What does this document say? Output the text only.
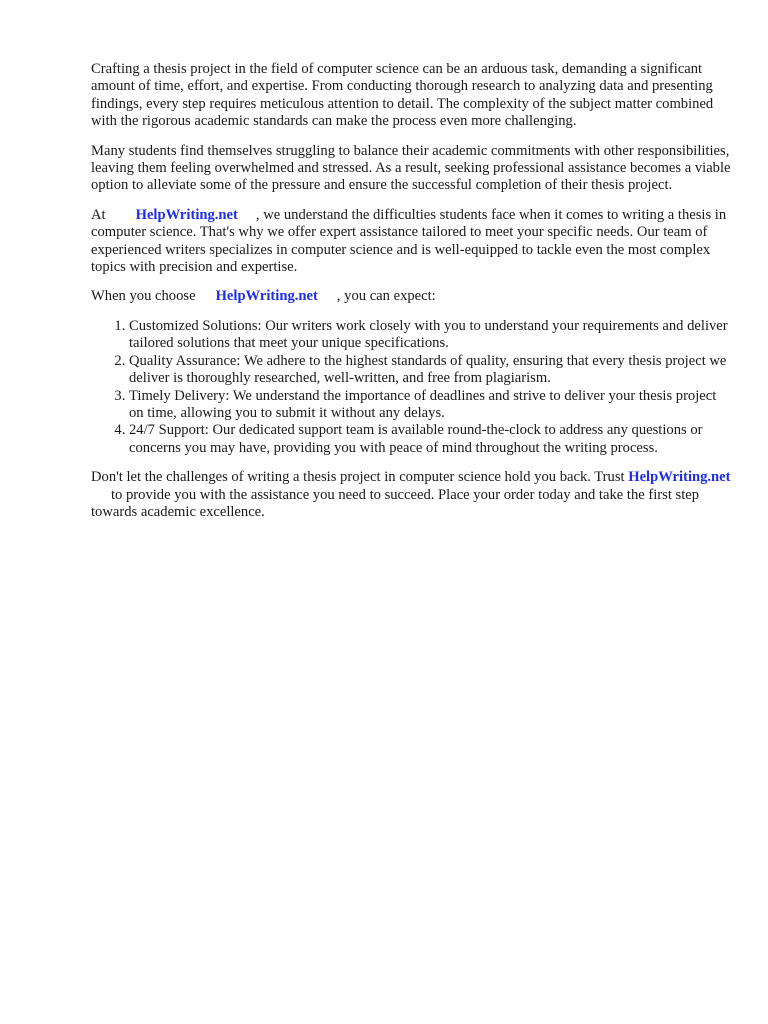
Crafting a thesis project in the field of computer science can be an arduous task, demanding a significant amount of time, effort, and expertise. From conducting thorough research to analyzing data and presenting findings, every step requires meticulous attention to detail. The complexity of the subject matter combined with the rigorous academic standards can make the process even more challenging.

Many students find themselves struggling to balance their academic commitments with other responsibilities, leaving them feeling overwhelmed and stressed. As a result, seeking professional assistance becomes a viable option to alleviate some of the pressure and ensure the successful completion of their thesis project.

At HelpWriting.net , we understand the difficulties students face when it comes to writing a thesis in computer science. That's why we offer expert assistance tailored to meet your specific needs. Our team of experienced writers specializes in computer science and is well-equipped to tackle even the most complex topics with precision and expertise.

When you choose HelpWriting.net , you can expect:

1. Customized Solutions: Our writers work closely with you to understand your requirements and deliver tailored solutions that meet your unique specifications.
2. Quality Assurance: We adhere to the highest standards of quality, ensuring that every thesis project we deliver is thoroughly researched, well-written, and free from plagiarism.
3. Timely Delivery: We understand the importance of deadlines and strive to deliver your thesis project on time, allowing you to submit it without any delays.
4. 24/7 Support: Our dedicated support team is available round-the-clock to address any questions or concerns you may have, providing you with peace of mind throughout the writing process.

Don't let the challenges of writing a thesis project in computer science hold you back. Trust HelpWriting.netto provide you with the assistance you need to succeed. Place your order today and take the first step towards academic excellence.
